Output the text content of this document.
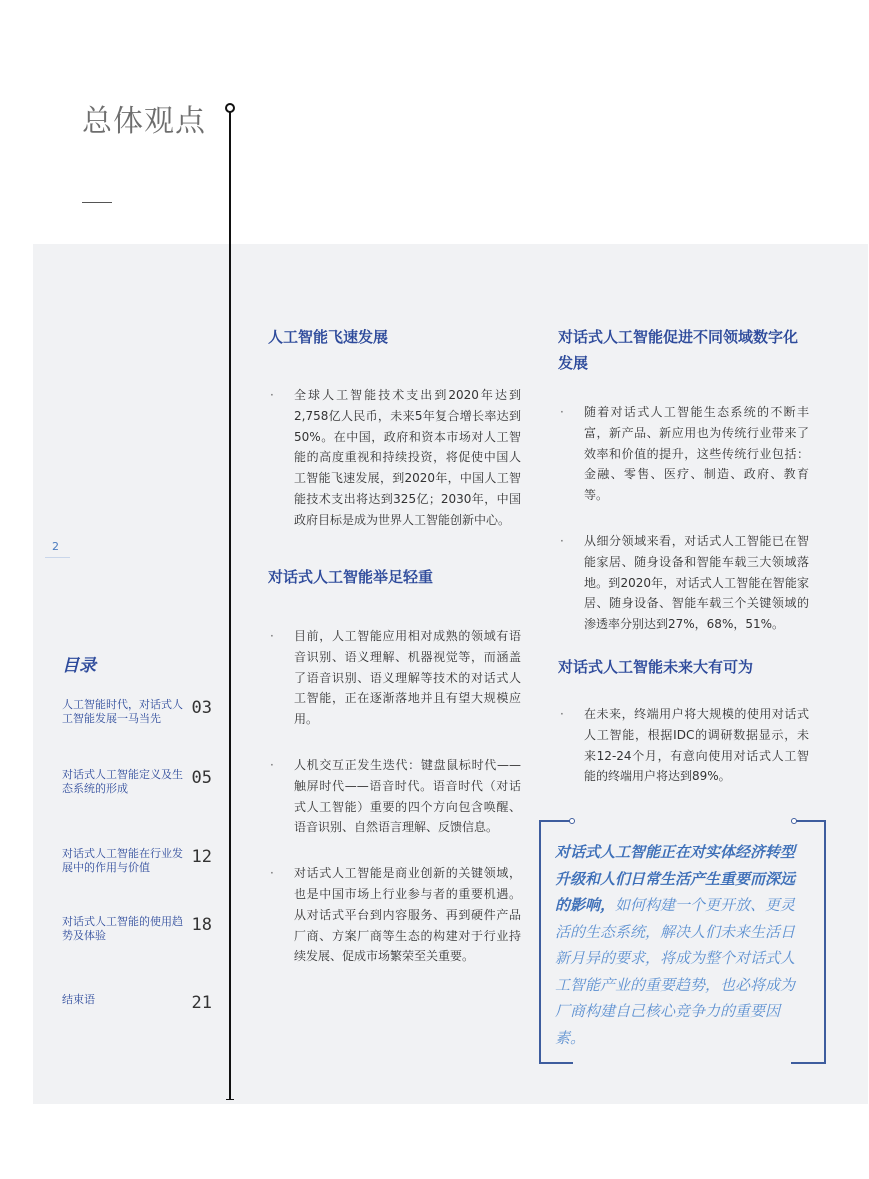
总体观点
2
目录
人工智能时代，对话式人工智能发展一马当先
03
对话式人工智能定义及生态系统的形成
05
对话式人工智能在行业发展中的作用与价值
12
对话式人工智能的使用趋势及体验
18
结束语	21
人工智能飞速发展
· 全球人工智能技术支出到2020年达到2,758亿人民币，未来5年复合增长率达到50%。在中国，政府和资本市场对人工智能的高度重视和持续投资，将促使中国人工智能飞速发展，到2020年，中国人工智能技术支出将达到325亿；2030年，中国政府目标是成为世界人工智能创新中心。
对话式人工智能举足轻重
· 目前，人工智能应用相对成熟的领域有语音识别、语义理解、机器视觉等，而涵盖了语音识别、语义理解等技术的对话式人工智能，正在逐渐落地并且有望大规模应用。
· 人机交互正发生迭代：键盘鼠标时代——触屏时代——语音时代。语音时代（对话式人工智能）重要的四个方向包含唤醒、语音识别、自然语言理解、反馈信息。
· 对话式人工智能是商业创新的关键领域，也是中国市场上行业参与者的重要机遇。从对话式平台到内容服务、再到硬件产品厂商、方案厂商等生态的构建对于行业持续发展、促成市场繁荣至关重要。
对话式人工智能促进不同领域数字化发展
· 随着对话式人工智能生态系统的不断丰富，新产品、新应用也为传统行业带来了效率和价值的提升，这些传统行业包括：金融、零售、医疗、制造、政府、教育等。
· 从细分领域来看，对话式人工智能已在智能家居、随身设备和智能车载三大领域落地。到2020年，对话式人工智能在智能家居、随身设备、智能车载三个关键领域的渗透率分别达到27%，68%，51%。
对话式人工智能未来大有可为
· 在未来，终端用户将大规模的使用对话式人工智能，根据IDC的调研数据显示，未来12-24个月，有意向使用对话式人工智能的终端用户将达到89%。

对话式人工智能正在对实体经济转型升级和人们日常生活产生重要而深远的影响，如何构建一个更开放、更灵活的生态系统，解决人们未来生活日新月异的要求，将成为整个对话式人工智能产业的重要趋势，也必将成为厂商构建自己核心竞争力的重要因素。
